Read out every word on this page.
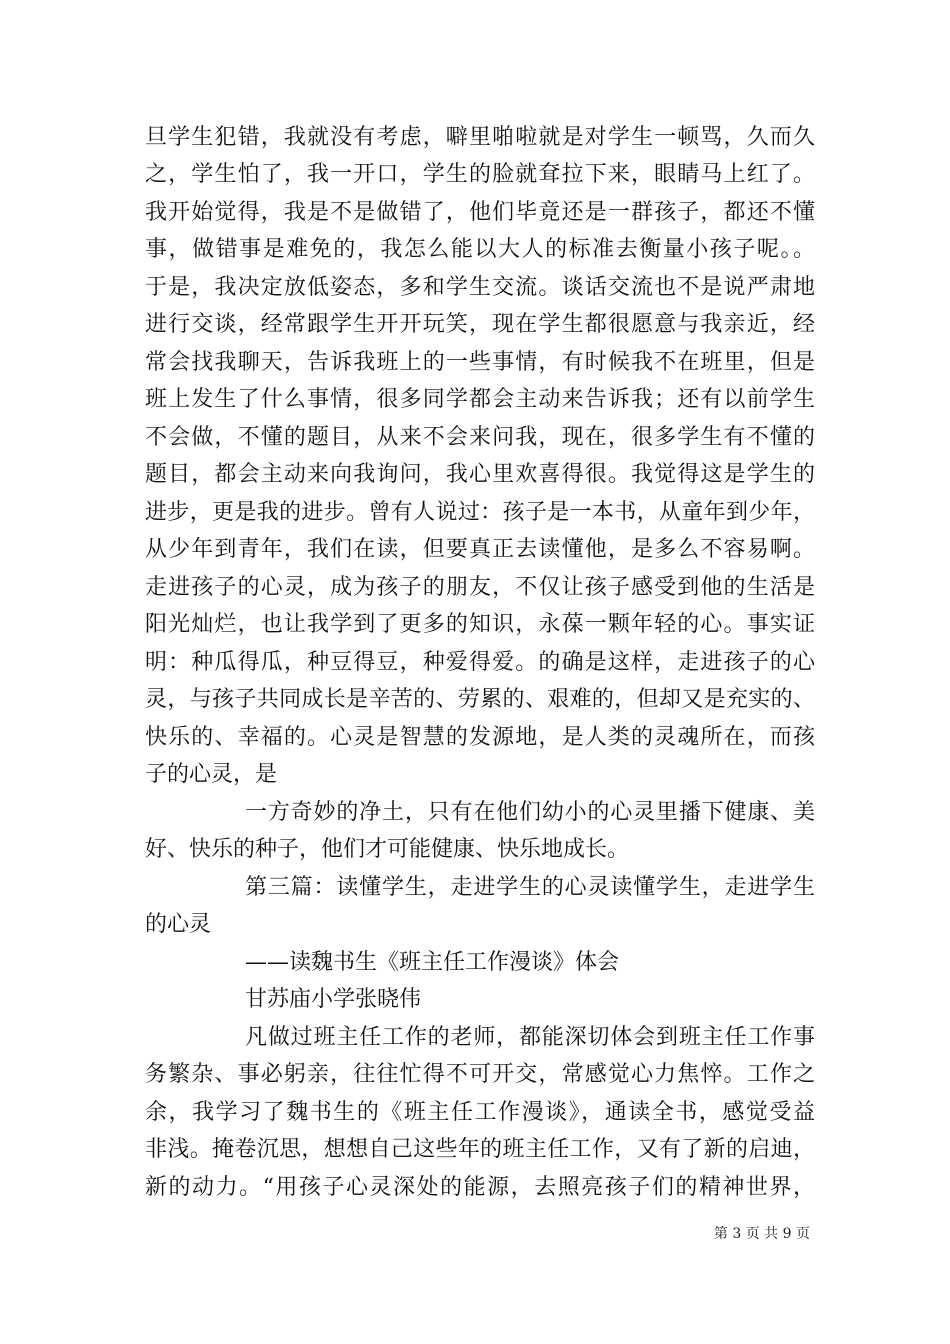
旦学生犯错，我就没有考虑，噼里啪啦就是对学生一顿骂，久而久
之，学生怕了，我一开口，学生的脸就耷拉下来，眼睛马上红了。
我开始觉得，我是不是做错了，他们毕竟还是一群孩子，都还不懂
事，做错事是难免的，我怎么能以大人的标准去衡量小孩子呢。。
于是，我决定放低姿态，多和学生交流。谈话交流也不是说严肃地
进行交谈，经常跟学生开开玩笑，现在学生都很愿意与我亲近，经
常会找我聊天，告诉我班上的一些事情，有时候我不在班里，但是
班上发生了什么事情，很多同学都会主动来告诉我；还有以前学生
不会做，不懂的题目，从来不会来问我，现在，很多学生有不懂的
题目，都会主动来向我询问，我心里欢喜得很。我觉得这是学生的
进步，更是我的进步。曾有人说过：孩子是一本书，从童年到少年，
从少年到青年，我们在读，但要真正去读懂他，是多么不容易啊。
走进孩子的心灵，成为孩子的朋友，不仅让孩子感受到他的生活是
阳光灿烂，也让我学到了更多的知识，永葆一颗年轻的心。事实证
明：种瓜得瓜，种豆得豆，种爱得爱。的确是这样，走进孩子的心
灵，与孩子共同成长是辛苦的、劳累的、艰难的，但却又是充实的、
快乐的、幸福的。心灵是智慧的发源地，是人类的灵魂所在，而孩
子的心灵，是
一方奇妙的净土，只有在他们幼小的心灵里播下健康、美
好、快乐的种子，他们才可能健康、快乐地成长。
第三篇：读懂学生，走进学生的心灵读懂学生，走进学生
的心灵
——读魏书生《班主任工作漫谈》体会
甘苏庙小学张晓伟
凡做过班主任工作的老师，都能深切体会到班主任工作事
务繁杂、事必躬亲，往往忙得不可开交，常感觉心力焦悴。工作之
余，我学习了魏书生的《班主任工作漫谈》，通读全书，感觉受益
非浅。掩卷沉思，想想自己这些年的班主任工作，又有了新的启迪，
新的动力。“用孩子心灵深处的能源，去照亮孩子们的精神世界，
第 3 页 共 9 页
